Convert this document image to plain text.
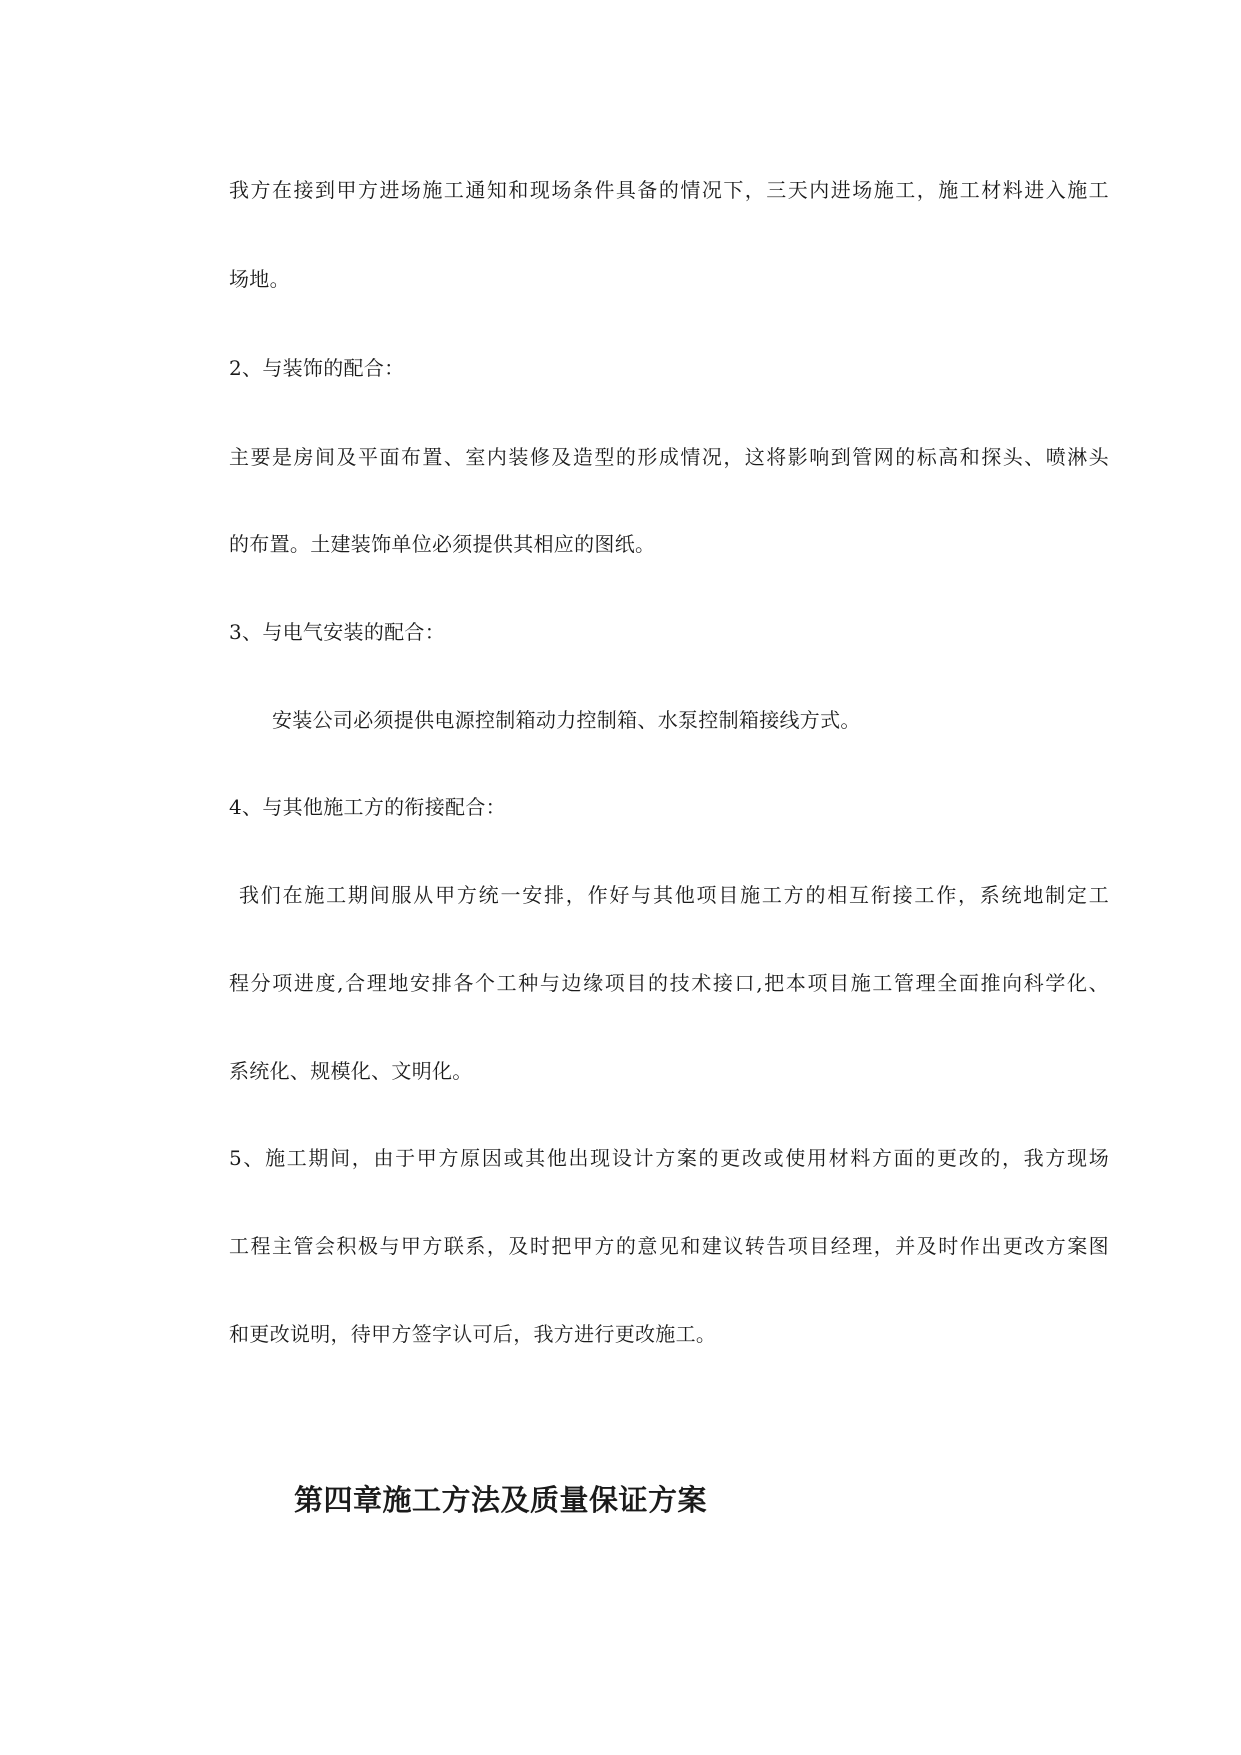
我方在接到甲方进场施工通知和现场条件具备的情况下，三天内进场施工，施工材料进入施工
场地。
2、与装饰的配合：
主要是房间及平面布置、室内装修及造型的形成情况，这将影响到管网的标高和探头、喷淋头
的布置。土建装饰单位必须提供其相应的图纸。
3、与电气安装的配合：
安装公司必须提供电源控制箱动力控制箱、水泵控制箱接线方式。
4、与其他施工方的衔接配合：
我们在施工期间服从甲方统一安排，作好与其他项目施工方的相互衔接工作，系统地制定工
程分项进度,合理地安排各个工种与边缘项目的技术接口,把本项目施工管理全面推向科学化、
系统化、规模化、文明化。
5、施工期间，由于甲方原因或其他出现设计方案的更改或使用材料方面的更改的，我方现场
工程主管会积极与甲方联系，及时把甲方的意见和建议转告项目经理，并及时作出更改方案图
和更改说明，待甲方签字认可后，我方进行更改施工。
第四章施工方法及质量保证方案
